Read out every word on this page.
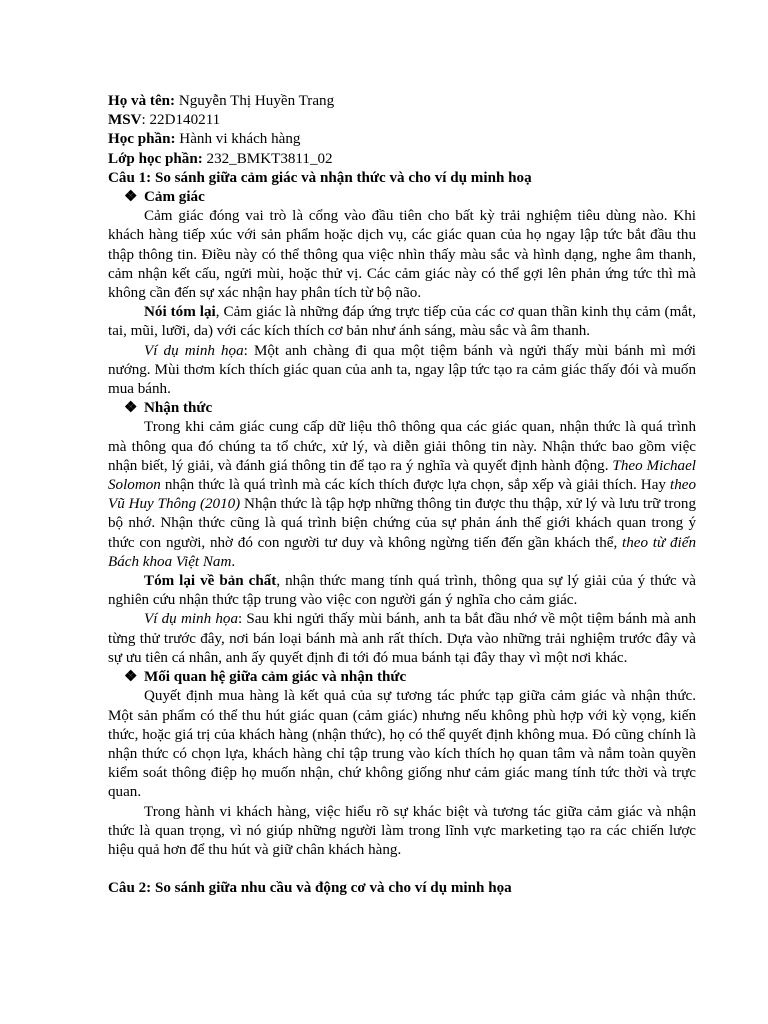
Họ và tên: Nguyễn Thị Huyền Trang

MSV: 22D140211

Học phần: Hành vi khách hàng

Lớp học phần: 232_BMKT3811_02

Câu 1: So sánh giữa cảm giác và nhận thức và cho ví dụ minh hoạ

❖ Cảm giác

Cảm giác đóng vai trò là cổng vào đầu tiên cho bất kỳ trải nghiệm tiêu dùng nào. Khi khách hàng tiếp xúc với sản phẩm hoặc dịch vụ, các giác quan của họ ngay lập tức bắt đầu thu thập thông tin. Điều này có thể thông qua việc nhìn thấy màu sắc và hình dạng, nghe âm thanh, cảm nhận kết cấu, ngửi mùi, hoặc thử vị. Các cảm giác này có thể gợi lên phản ứng tức thì mà không cần đến sự xác nhận hay phân tích từ bộ não.

Nói tóm lại, Cảm giác là những đáp ứng trực tiếp của các cơ quan thần kinh thụ cảm (mắt, tai, mũi, lưỡi, da) với các kích thích cơ bản như ánh sáng, màu sắc và âm thanh.

Ví dụ minh họa: Một anh chàng đi qua một tiệm bánh và ngửi thấy mùi bánh mì mới nướng. Mùi thơm kích thích giác quan của anh ta, ngay lập tức tạo ra cảm giác thấy đói và muốn mua bánh.

❖ Nhận thức

Trong khi cảm giác cung cấp dữ liệu thô thông qua các giác quan, nhận thức là quá trình mà thông qua đó chúng ta tổ chức, xử lý, và diễn giải thông tin này. Nhận thức bao gồm việc nhận biết, lý giải, và đánh giá thông tin để tạo ra ý nghĩa và quyết định hành động. Theo Michael Solomon nhận thức là quá trình mà các kích thích được lựa chọn, sắp xếp và giải thích. Hay theo Vũ Huy Thông (2010) Nhận thức là tập hợp những thông tin được thu thập, xử lý và lưu trữ trong bộ nhớ. Nhận thức cũng là quá trình biện chứng của sự phản ánh thế giới khách quan trong ý thức con người, nhờ đó con người tư duy và không ngừng tiến đến gần khách thể, theo từ điển Bách khoa Việt Nam.

Tóm lại về bản chất, nhận thức mang tính quá trình, thông qua sự lý giải của ý thức và nghiên cứu nhận thức tập trung vào việc con người gán ý nghĩa cho cảm giác.

Ví dụ minh họa: Sau khi ngửi thấy mùi bánh, anh ta bắt đầu nhớ về một tiệm bánh mà anh từng thử trước đây, nơi bán loại bánh mà anh rất thích. Dựa vào những trải nghiệm trước đây và sự ưu tiên cá nhân, anh ấy quyết định đi tới đó mua bánh tại đây thay vì một nơi khác.

❖ Mối quan hệ giữa cảm giác và nhận thức

Quyết định mua hàng là kết quả của sự tương tác phức tạp giữa cảm giác và nhận thức. Một sản phẩm có thể thu hút giác quan (cảm giác) nhưng nếu không phù hợp với kỳ vọng, kiến thức, hoặc giá trị của khách hàng (nhận thức), họ có thể quyết định không mua. Đó cũng chính là nhận thức có chọn lựa, khách hàng chỉ tập trung vào kích thích họ quan tâm và nắm toàn quyền kiểm soát thông điệp họ muốn nhận, chứ không giống như cảm giác mang tính tức thời và trực quan.

Trong hành vi khách hàng, việc hiểu rõ sự khác biệt và tương tác giữa cảm giác và nhận thức là quan trọng, vì nó giúp những người làm trong lĩnh vực marketing tạo ra các chiến lược hiệu quả hơn để thu hút và giữ chân khách hàng.

Câu 2: So sánh giữa nhu cầu và động cơ và cho ví dụ minh họa
